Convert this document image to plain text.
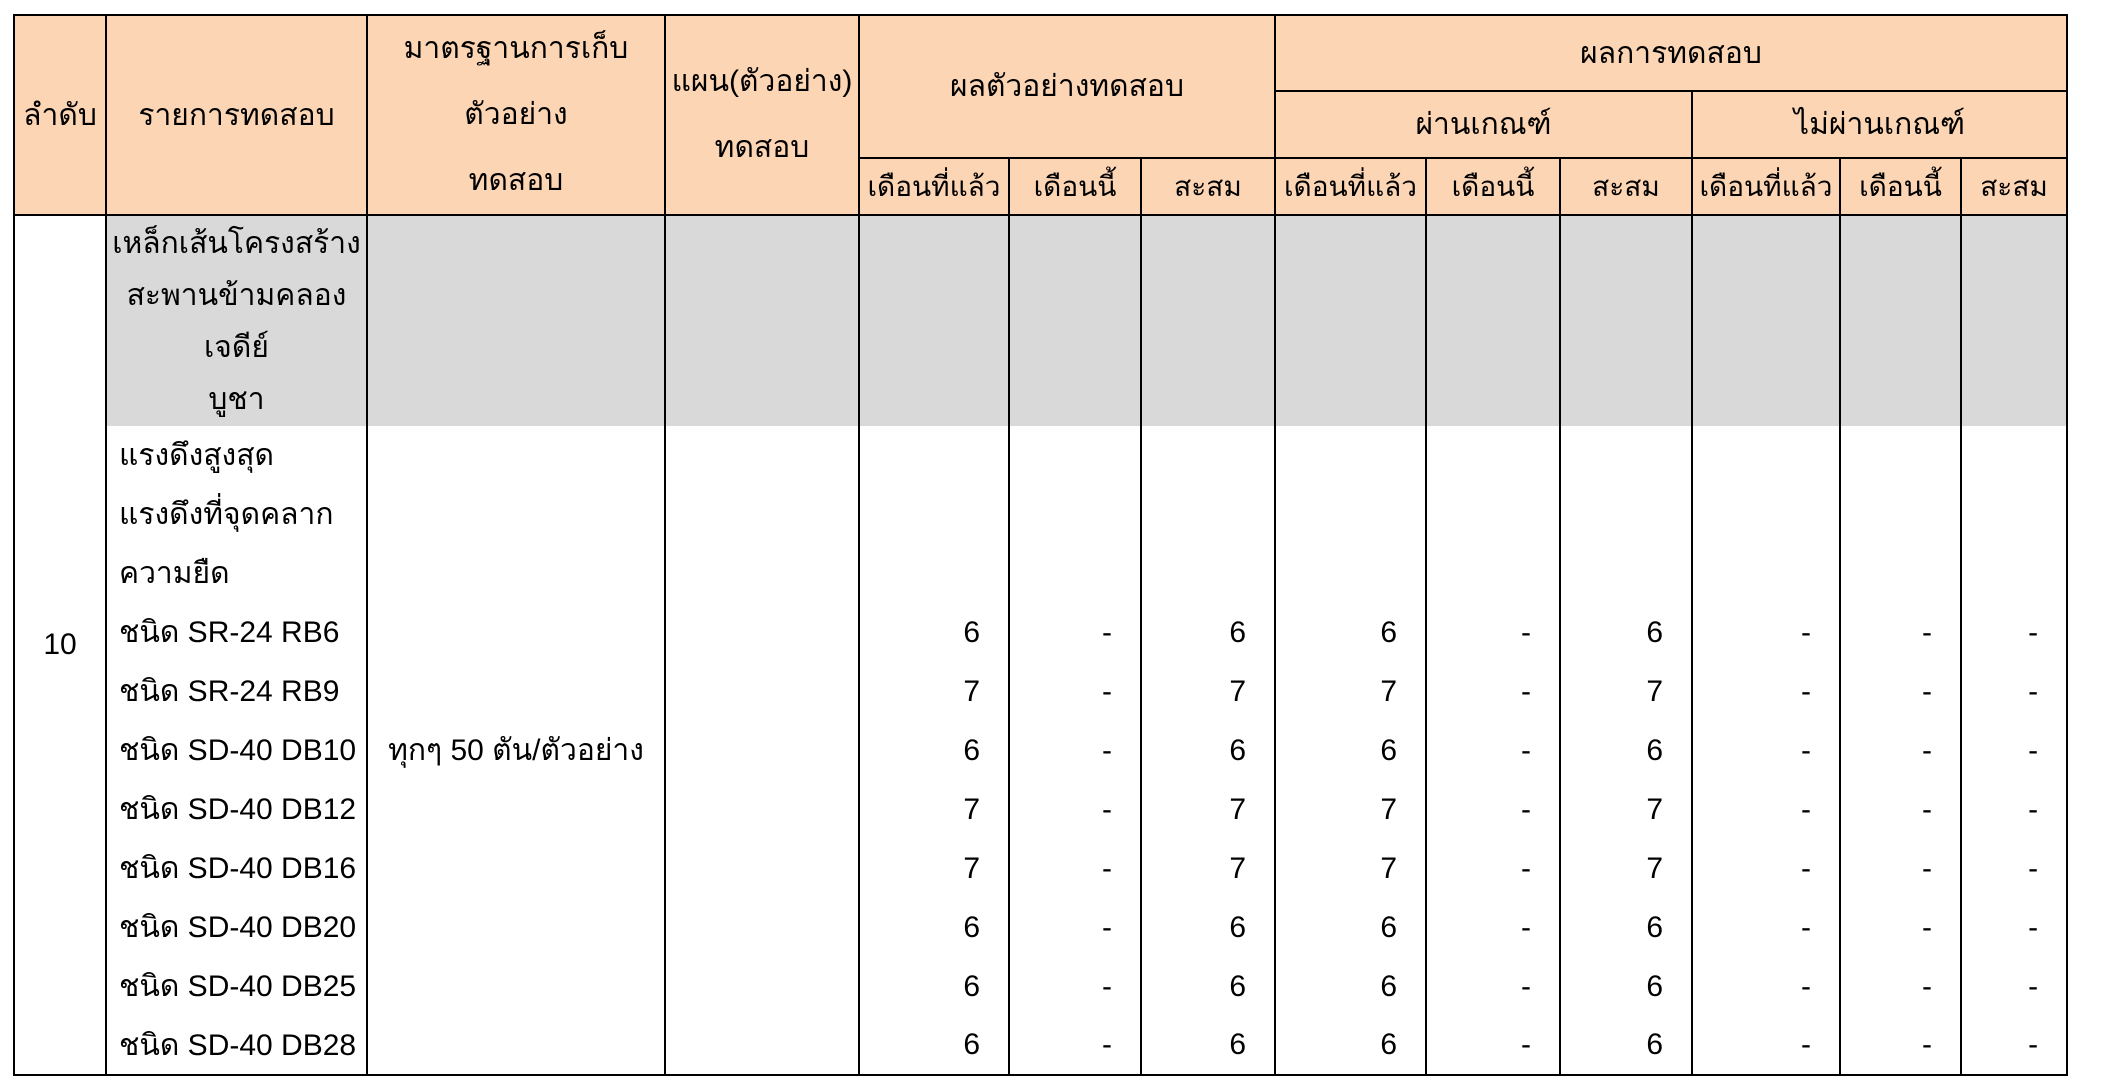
ลำดับ	รายการทดสอบ	มาตรฐานการเก็บตัวอย่าง
ทดสอบ	แผน(ตัวอย่าง)
ทดสอบ	ผลตัวอย่างทดสอบ			ผลการทดสอบ					
							ผ่านเกณฑ์			ไม่ผ่านเกณฑ์		
				เดือนที่แล้ว	เดือนนี้	สะสม	เดือนที่แล้ว	เดือนนี้	สะสม	เดือนที่แล้ว	เดือนนี้	สะสม
10	เหล็กเส้นโครงสร้าง
สะพานข้ามคลองเจดีย์
บูชา											

	แรงดึงสูงสุด	ทุกๆ 50 ตัน/ตัวอย่าง										
	แรงดึงที่จุดคลาก											
	ความยืด											
	ชนิด SR-24 RB6			6	-	6	6	-	6	-	-	-
	ชนิด SR-24 RB9			7	-	7	7	-	7	-	-	-
	ชนิด SD-40 DB10			6	-	6	6	-	6	-	-	-
	ชนิด SD-40 DB12			7	-	7	7	-	7	-	-	-
	ชนิด SD-40 DB16			7	-	7	7	-	7	-	-	-
	ชนิด SD-40 DB20			6	-	6	6	-	6	-	-	-
	ชนิด SD-40 DB25			6	-	6	6	-	6	-	-	-
	ชนิด SD-40 DB28			6	-	6	6	-	6	-	-	-
